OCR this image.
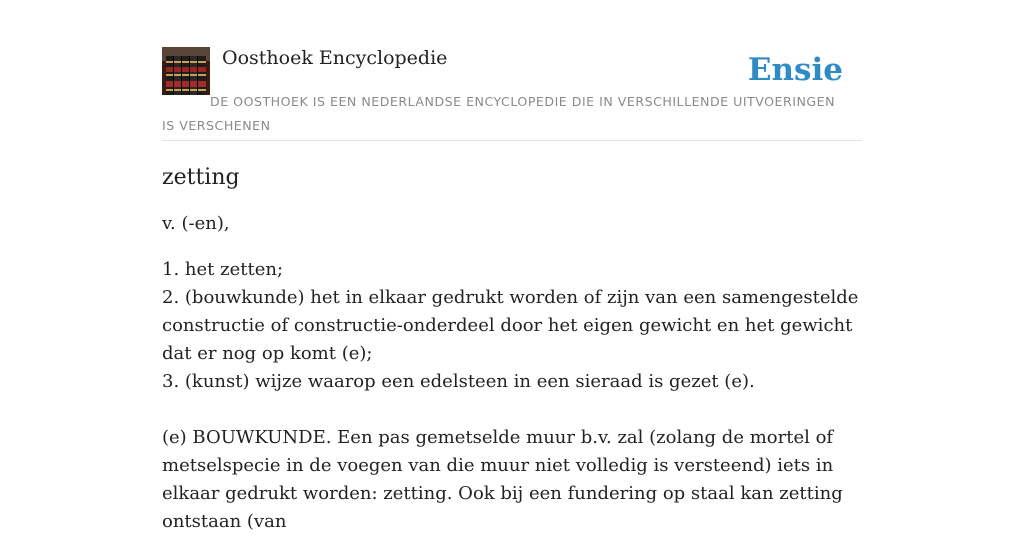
Oosthoek Encyclopedie	Ensie
DE OOSTHOEK IS EEN NEDERLANDSE ENCYCLOPEDIE DIE IN VERSCHILLENDE UITVOERINGEN IS VERSCHENEN
zetting

v. (-en),

1. het zetten;
2. (bouwkunde) het in elkaar gedrukt worden of zijn van een samengestelde constructie of constructie-onderdeel door het eigen gewicht en het gewicht dat er nog op komt (e);
3. (kunst) wijze waarop een edelsteen in een sieraad is gezet (e).

(e) BOUWKUNDE. Een pas gemetselde muur b.v. zal (zolang de mortel of metselspecie in de voegen van die muur niet volledig is versteend) iets in elkaar gedrukt worden: zetting. Ook bij een fundering op staal kan zetting ontstaan (van
